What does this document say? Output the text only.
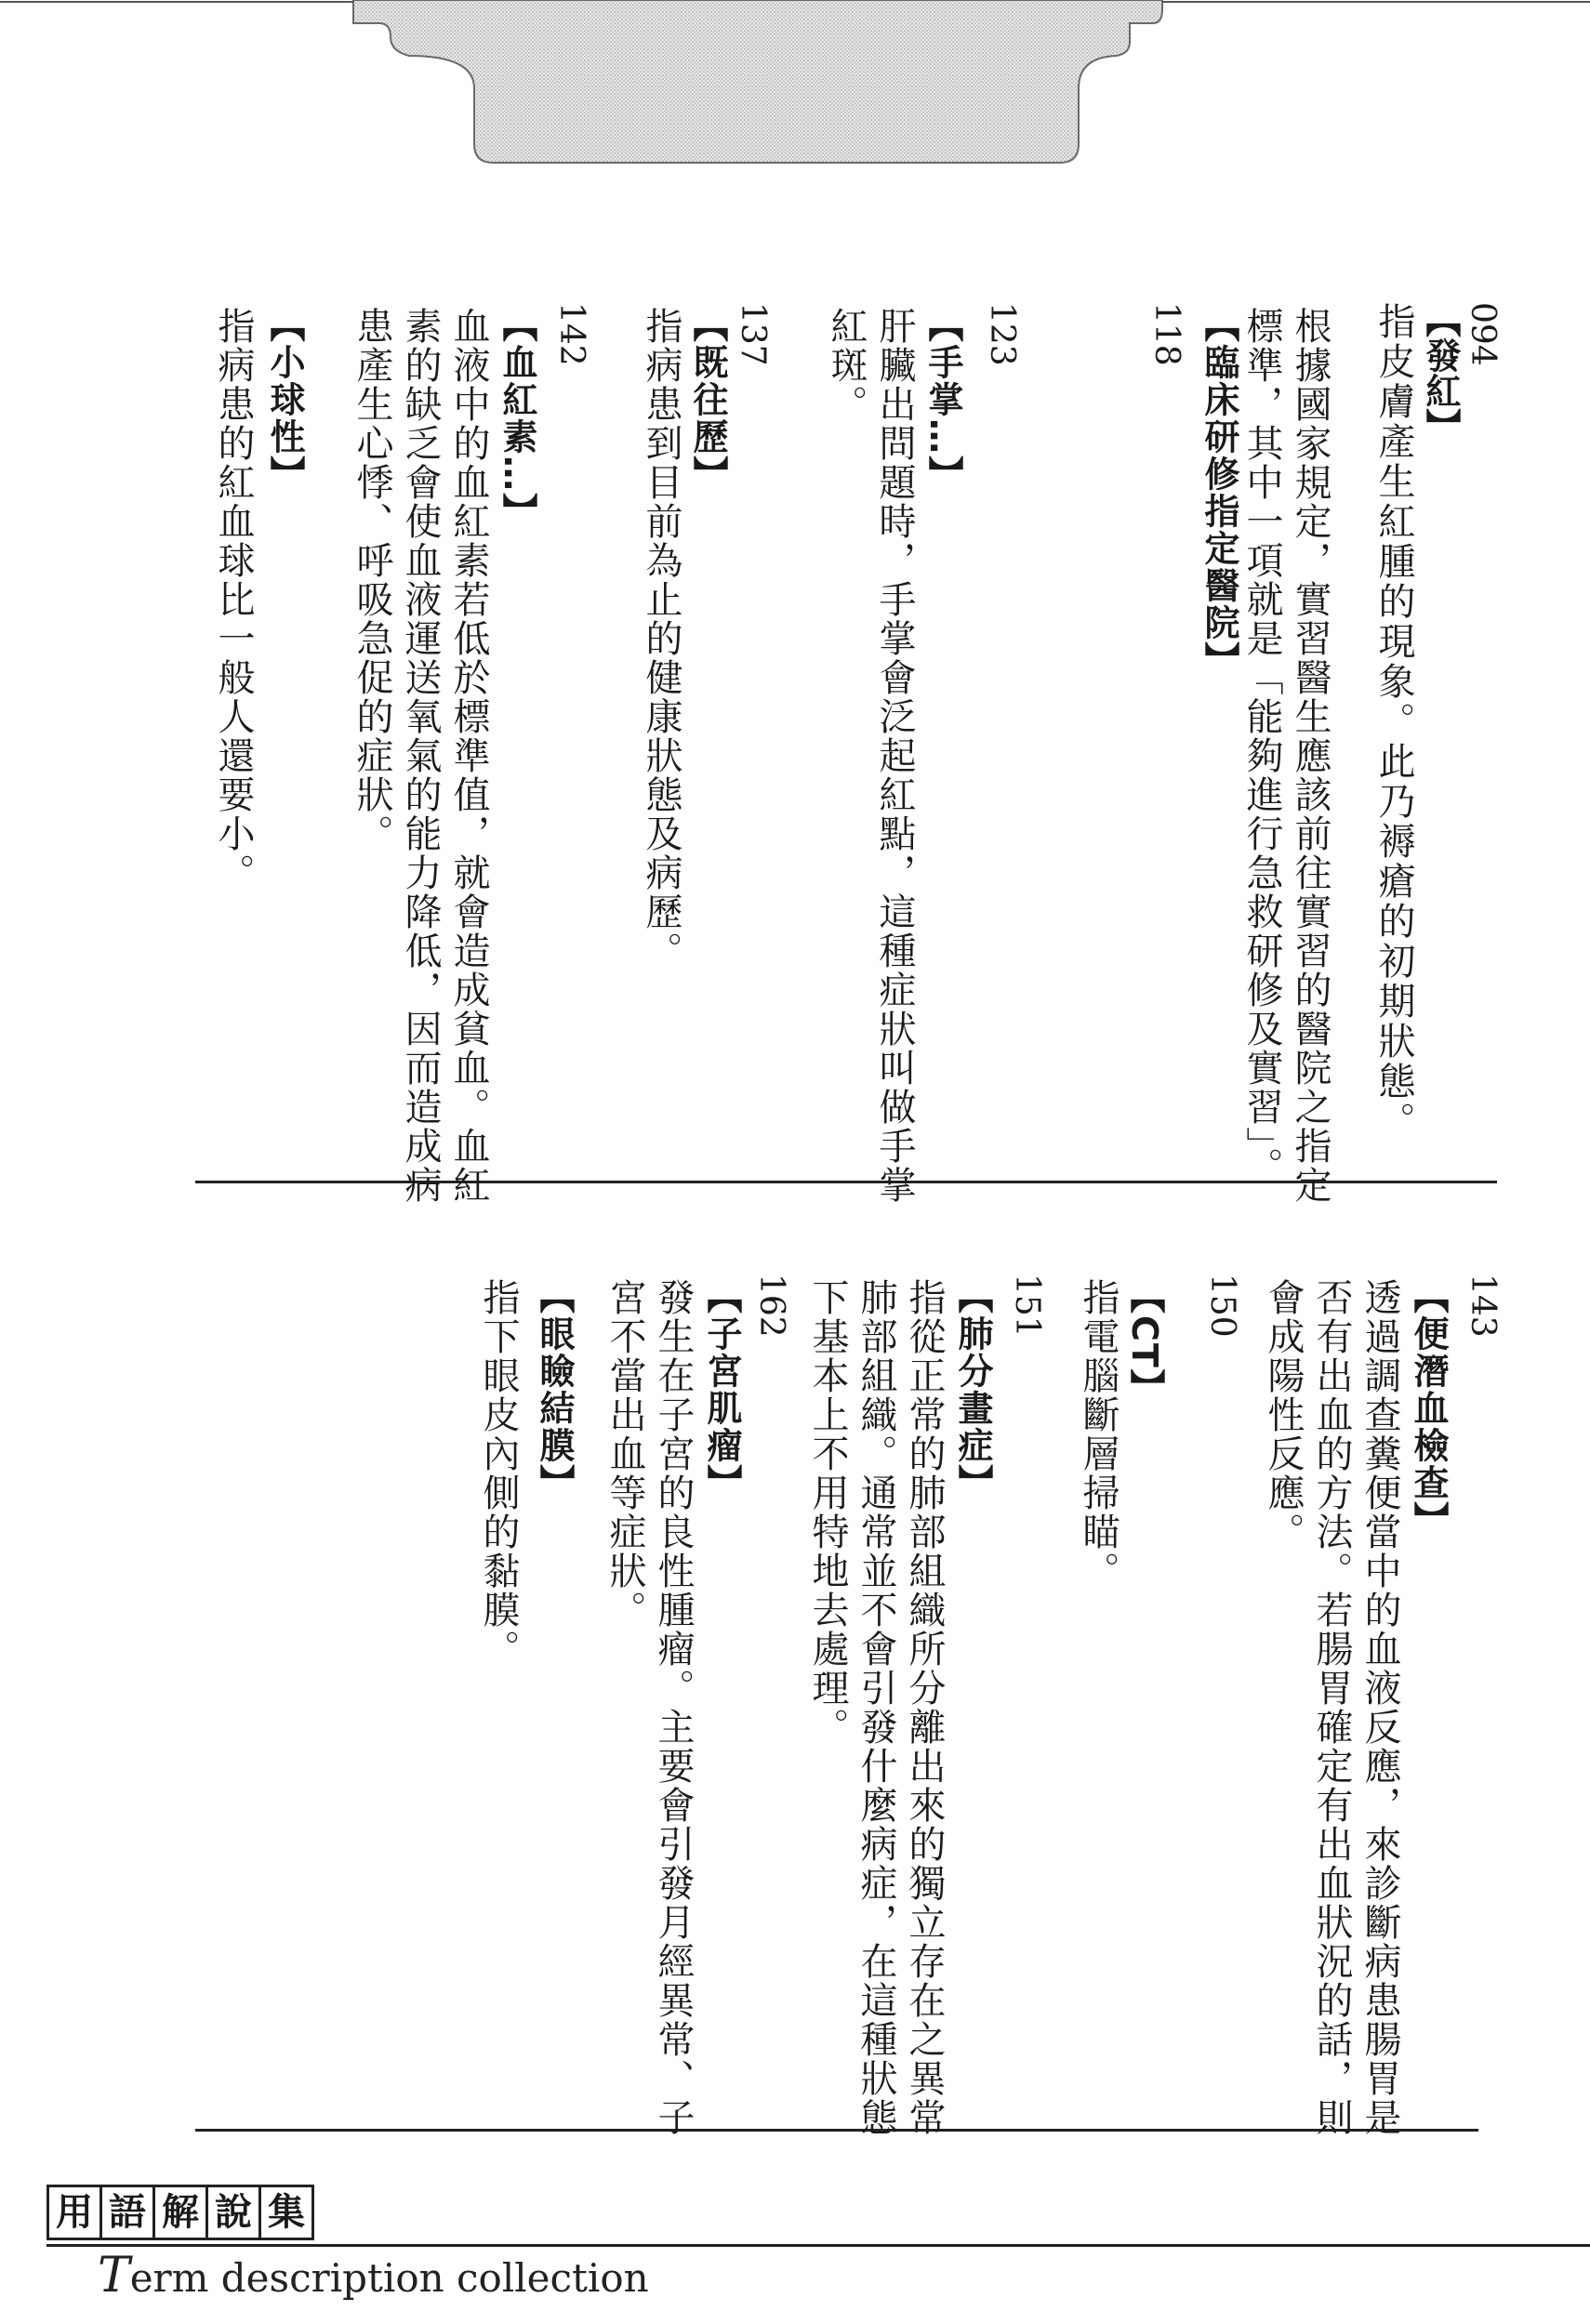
094
【發紅】
指皮膚產生紅腫的現象。此乃褥瘡的初期狀態。
118 【臨床研修指定醫院】	根據國家規定，實習醫生應該前往實習的醫院之指定
標準，其中一項就是「能夠進行急救研修及實習」。
123
【手掌…】
肝臟出問題時，手掌會泛起紅點，這種症狀叫做手掌
紅斑。
137
【既往歷】
指病患到目前為止的健康狀態及病歷。
142
【血紅素…】
血液中的血紅素若低於標準值，就會造成貧血。血紅
素的缺乏會使血液運送氧氣的能力降低，因而造成病
患產生心悸、呼吸急促的症狀。
【小球性】
指病患的紅血球比一般人還要小。
143
【便潛血檢查】
透過調查糞便當中的血液反應，來診斷病患腸胃是
否有出血的方法。若腸胃確定有出血狀況的話，則
會成陽性反應。
150
【CT】
指電腦斷層掃瞄。
151
【肺分畫症】
指從正常的肺部組織所分離出來的獨立存在之異常
肺部組織。通常並不會引發什麼病症，在這種狀態
下基本上不用特地去處理。
162
【子宮肌瘤】
發生在子宮的良性腫瘤。主要會引發月經異常、子
宮不當出血等症狀。
【眼瞼結膜】
指下眼皮內側的黏膜。
用 語 解 說 集
Term description collection
